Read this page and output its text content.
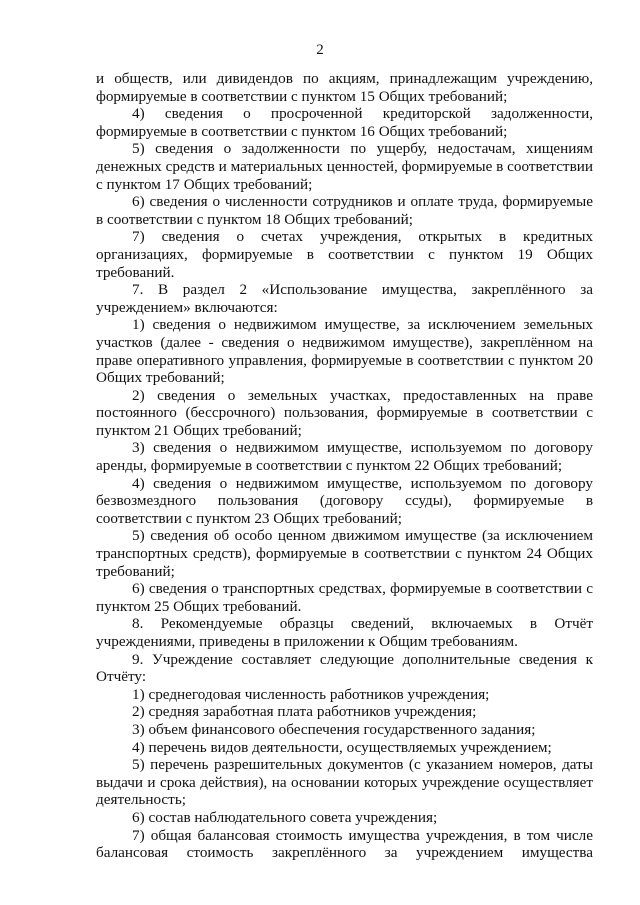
2

и обществ, или дивидендов по акциям, принадлежащим учреждению, формируемые в соответствии с пунктом 15 Общих требований;

4) сведения о просроченной кредиторской задолженности, формируемые в соответствии с пунктом 16 Общих требований;

5) сведения о задолженности по ущербу, недостачам, хищениям денежных средств и материальных ценностей, формируемые в соответствии с пунктом 17 Общих требований;

6) сведения о численности сотрудников и оплате труда, формируемые в соответствии с пунктом 18 Общих требований;

7) сведения о счетах учреждения, открытых в кредитных организациях, формируемые в соответствии с пунктом 19 Общих требований.

7. В раздел 2 «Использование имущества, закреплённого за учреждением» включаются:

1) сведения о недвижимом имуществе, за исключением земельных участков (далее - сведения о недвижимом имуществе), закреплённом на праве оперативного управления, формируемые в соответствии с пунктом 20 Общих требований;

2) сведения о земельных участках, предоставленных на праве постоянного (бессрочного) пользования, формируемые в соответствии с пунктом 21 Общих требований;

3) сведения о недвижимом имуществе, используемом по договору аренды, формируемые в соответствии с пунктом 22 Общих требований;

4) сведения о недвижимом имуществе, используемом по договору безвозмездного пользования (договору ссуды), формируемые в соответствии с пунктом 23 Общих требований;

5) сведения об особо ценном движимом имуществе (за исключением транспортных средств), формируемые в соответствии с пунктом 24 Общих требований;

6) сведения о транспортных средствах, формируемые в соответствии с пунктом 25 Общих требований.

8. Рекомендуемые образцы сведений, включаемых в Отчёт учреждениями, приведены в приложении к Общим требованиям.

9. Учреждение составляет следующие дополнительные сведения к Отчёту:

1) среднегодовая численность работников учреждения;

2) средняя заработная плата работников учреждения;

3) объем финансового обеспечения государственного задания;

4) перечень видов деятельности, осуществляемых учреждением;

5) перечень разрешительных документов (с указанием номеров, даты выдачи и срока действия), на основании которых учреждение осуществляет деятельность;

6) состав наблюдательного совета учреждения;

7) общая балансовая стоимость имущества учреждения, в том числе балансовая стоимость закреплённого за учреждением имущества
